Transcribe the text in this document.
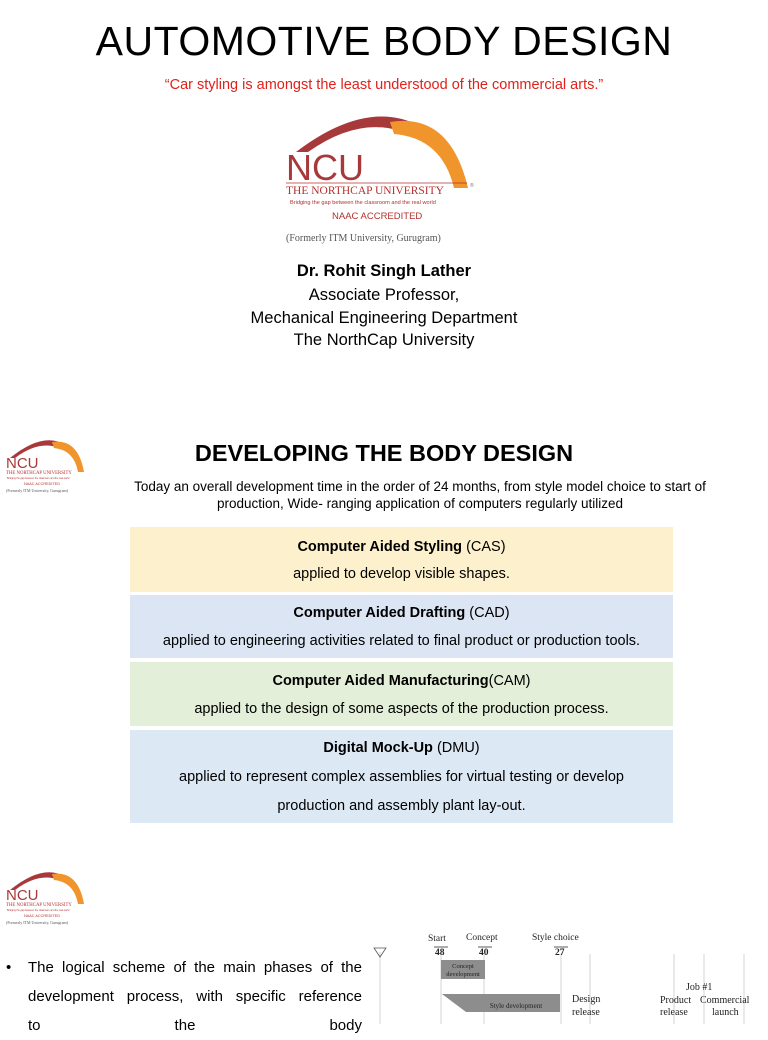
AUTOMOTIVE BODY DESIGN
“Car styling is amongst the least understood of the commercial arts.”
NCU
THE NORTHCAP UNIVERSITY	®
Bridging the gap between the classroom and the real world
NAAC ACCREDITED
(Formerly ITM University, Gurugram)
Dr. Rohit Singh Lather
Associate Professor,
Mechanical Engineering Department
The NorthCap University
NCU
THE NORTHCAP UNIVERSITY
Bridging the gap between the classroom and the real world
NAAC ACCREDITED
(Formerly ITM University, Gurugram)
DEVELOPING THE BODY DESIGN
Today an overall development time in the order of 24 months, from style model choice to start of
production, Wide- ranging application of computers regularly utilized
Computer Aided Styling (CAS)
applied to develop visible shapes.
Computer Aided Drafting (CAD)
applied to engineering activities related to final product or production tools.
Computer Aided Manufacturing(CAM)
applied to the design of some aspects of the production process.
Digital Mock-Up (DMU)
applied to represent complex assemblies for virtual testing or develop
production and assembly plant lay-out.
NCU
THE NORTHCAP UNIVERSITY
Bridging the gap between the classroom and the real world
NAAC ACCREDITED
(Formerly ITM University, Gurugram)
• The logical scheme of the main phases of the
development process, with specific reference
to the body
Start Concept	Style choice
48	40	27
Concept
development
Style development
Design
release
Job #1
Product
release
Commercial
launch
